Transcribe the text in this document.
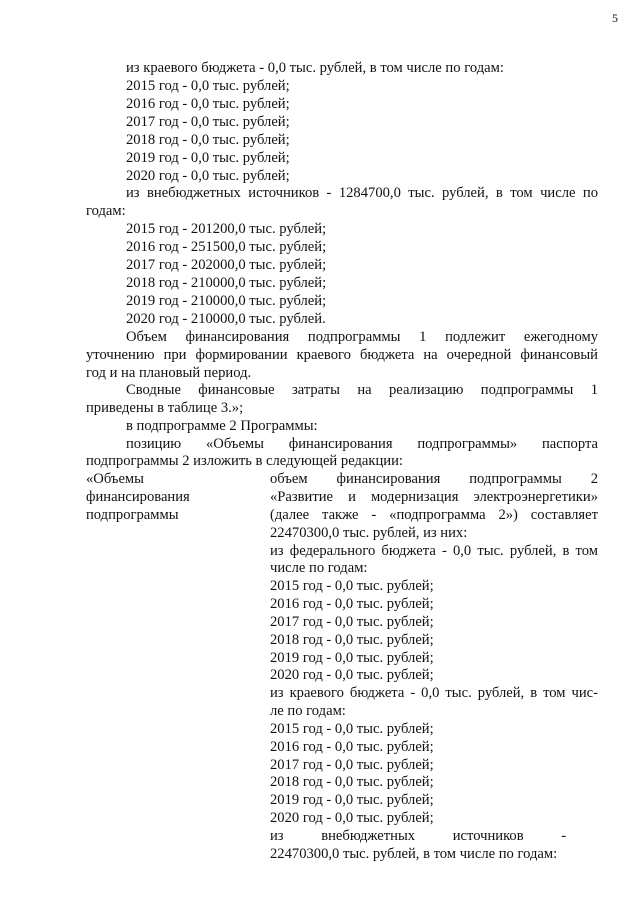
5
из краевого бюджета - 0,0 тыс. рублей, в том числе по годам:
2015 год - 0,0 тыс. рублей;
2016 год - 0,0 тыс. рублей;
2017 год - 0,0 тыс. рублей;
2018 год - 0,0 тыс. рублей;
2019 год - 0,0 тыс. рублей;
2020 год - 0,0 тыс. рублей;
из внебюджетных источников - 1284700,0 тыс. рублей, в том числе по
годам:
2015 год - 201200,0 тыс. рублей;
2016 год - 251500,0 тыс. рублей;
2017 год - 202000,0 тыс. рублей;
2018 год - 210000,0 тыс. рублей;
2019 год - 210000,0 тыс. рублей;
2020 год - 210000,0 тыс. рублей.
Объем финансирования подпрограммы 1 подлежит ежегодному
уточнению при формировании краевого бюджета на очередной финансовый
год и на плановый период.
Сводные финансовые затраты на реализацию подпрограммы 1
приведены в таблице 3.»;
в подпрограмме 2 Программы:
позицию «Объемы финансирования подпрограммы» паспорта
подпрограммы 2 изложить в следующей редакции:
«Объемы
финансирования
подпрограммы
объем финансирования подпрограммы 2
«Развитие и модернизация электроэнергетики»
(далее также - «подпрограмма 2») составляет
22470300,0 тыс. рублей, из них:
из федерального бюджета - 0,0 тыс. рублей, в том
числе по годам:
2015 год - 0,0 тыс. рублей;
2016 год - 0,0 тыс. рублей;
2017 год - 0,0 тыс. рублей;
2018 год - 0,0 тыс. рублей;
2019 год - 0,0 тыс. рублей;
2020 год - 0,0 тыс. рублей;
из краевого бюджета - 0,0 тыс. рублей, в том чис-
ле по годам:
2015 год - 0,0 тыс. рублей;
2016 год - 0,0 тыс. рублей;
2017 год - 0,0 тыс. рублей;
2018 год - 0,0 тыс. рублей;
2019 год - 0,0 тыс. рублей;
2020 год - 0,0 тыс. рублей;
из внебюджетных источников -
22470300,0 тыс. рублей, в том числе по годам:
